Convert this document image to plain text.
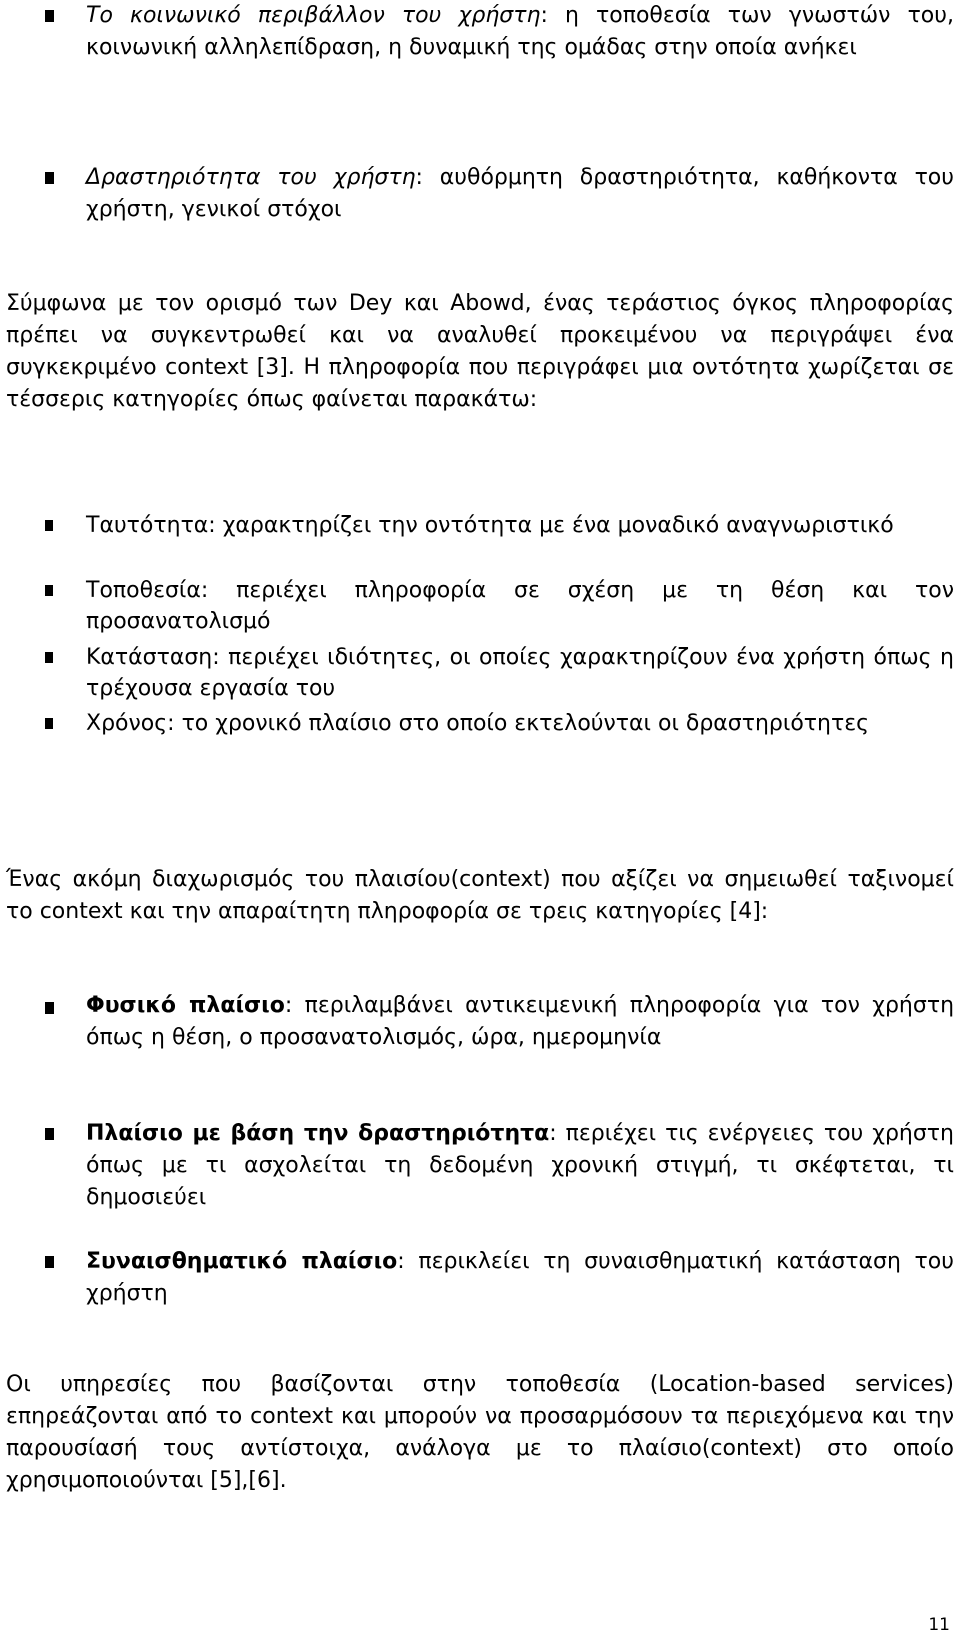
Το κοινωνικό περιβάλλον του χρήστη: η τοποθεσία των γνωστών του, κοινωνική αλληλεπίδραση, η δυναμική της ομάδας στην οποία ανήκει

Δραστηριότητα του χρήστη: αυθόρμητη δραστηριότητα, καθήκοντα του χρήστη, γενικοί στόχοι

Σύμφωνα με τον ορισμό των Dey και Abowd, ένας τεράστιος όγκος πληροφορίας πρέπει να συγκεντρωθεί και να αναλυθεί προκειμένου να περιγράψει ένα συγκεκριμένο context [3]. Η πληροφορία που περιγράφει μια οντότητα χωρίζεται σε τέσσερις κατηγορίες όπως φαίνεται παρακάτω:

Ταυτότητα: χαρακτηρίζει την οντότητα με ένα μοναδικό αναγνωριστικό

Τοποθεσία: περιέχει πληροφορία σε σχέση με τη θέση και τον προσανατολισμό

Κατάσταση: περιέχει ιδιότητες, οι οποίες χαρακτηρίζουν ένα χρήστη όπως η τρέχουσα εργασία του

Χρόνος: το χρονικό πλαίσιο στο οποίο εκτελούνται οι δραστηριότητες

Ένας ακόμη διαχωρισμός του πλαισίου(context) που αξίζει να σημειωθεί ταξινομεί το context και την απαραίτητη πληροφορία σε τρεις κατηγορίες [4]:

Φυσικό πλαίσιο: περιλαμβάνει αντικειμενική πληροφορία για τον χρήστη όπως η θέση, ο προσανατολισμός, ώρα, ημερομηνία

Πλαίσιο με βάση την δραστηριότητα: περιέχει τις ενέργειες του χρήστη όπως με τι ασχολείται τη δεδομένη χρονική στιγμή, τι σκέφτεται, τι δημοσιεύει

Συναισθηματικό πλαίσιο: περικλείει τη συναισθηματική κατάσταση του χρήστη

Οι υπηρεσίες που βασίζονται στην τοποθεσία (Location-based services) επηρεάζονται από το context και μπορούν να προσαρμόσουν τα περιεχόμενα και την παρουσίασή τους αντίστοιχα, ανάλογα με το πλαίσιο(context) στο οποίο χρησιμοποιούνται [5],[6].

11
